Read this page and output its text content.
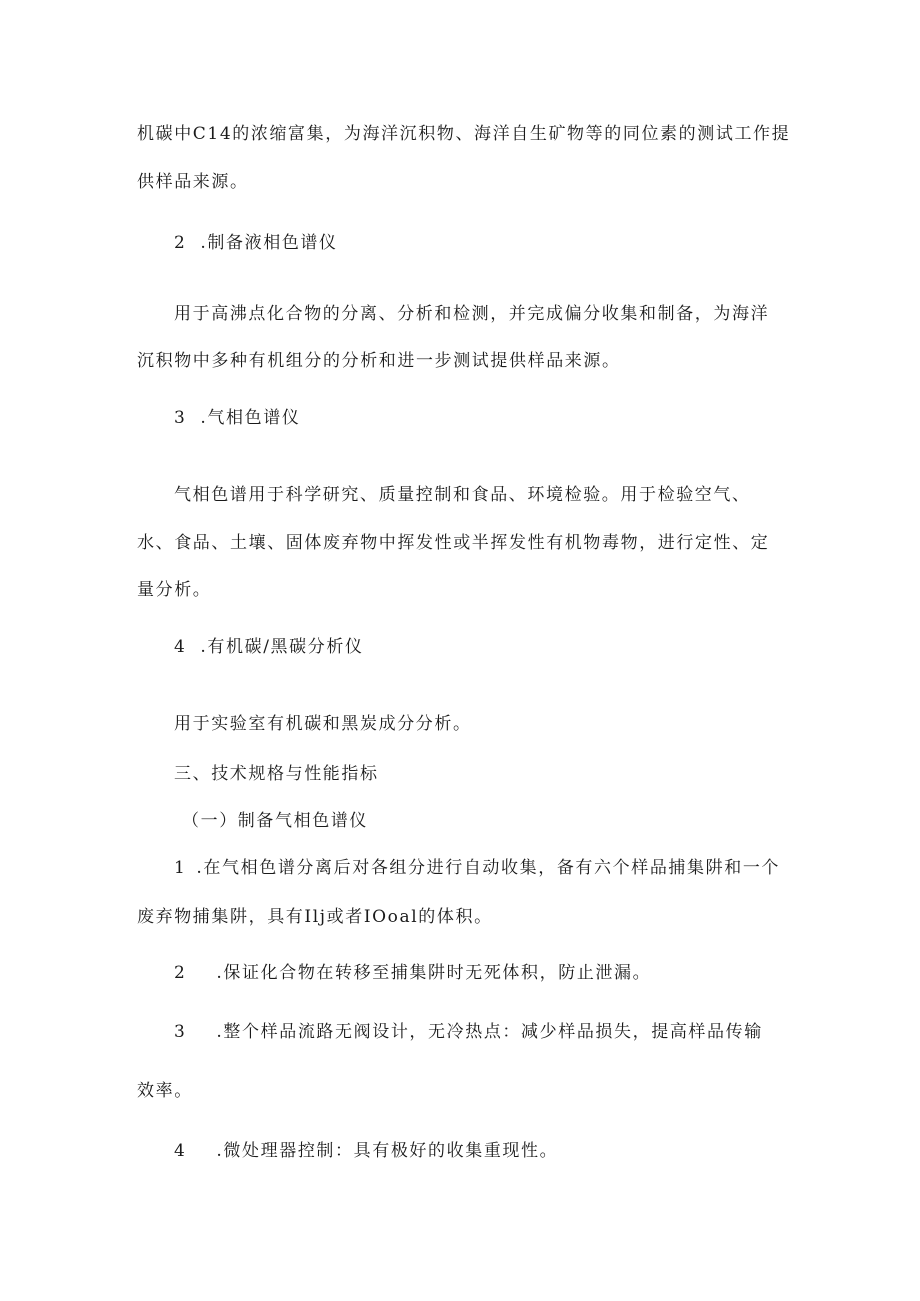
机碳中C14的浓缩富集，为海洋沉积物、海洋自生矿物等的同位素的测试工作提

供样品来源。

2 .制备液相色谱仪

用于高沸点化合物的分离、分析和检测，并完成偏分收集和制备，为海洋

沉积物中多种有机组分的分析和进一步测试提供样品来源。

3 .气相色谱仪

气相色谱用于科学研究、质量控制和食品、环境检验。用于检验空气、

水、食品、土壤、固体废弃物中挥发性或半挥发性有机物毒物，进行定性、定

量分析。

4 .有机碳/黑碳分析仪

用于实验室有机碳和黑炭成分分析。

三、技术规格与性能指标

（一）制备气相色谱仪

1 .在气相色谱分离后对各组分进行自动收集，备有六个样品捕集阱和一个

废弃物捕集阱，具有Ilj或者IOoal的体积。

2 .保证化合物在转移至捕集阱时无死体积，防止泄漏。

3 .整个样品流路无阀设计，无冷热点：减少样品损失，提高样品传输

效率。

4 .微处理器控制：具有极好的收集重现性。
